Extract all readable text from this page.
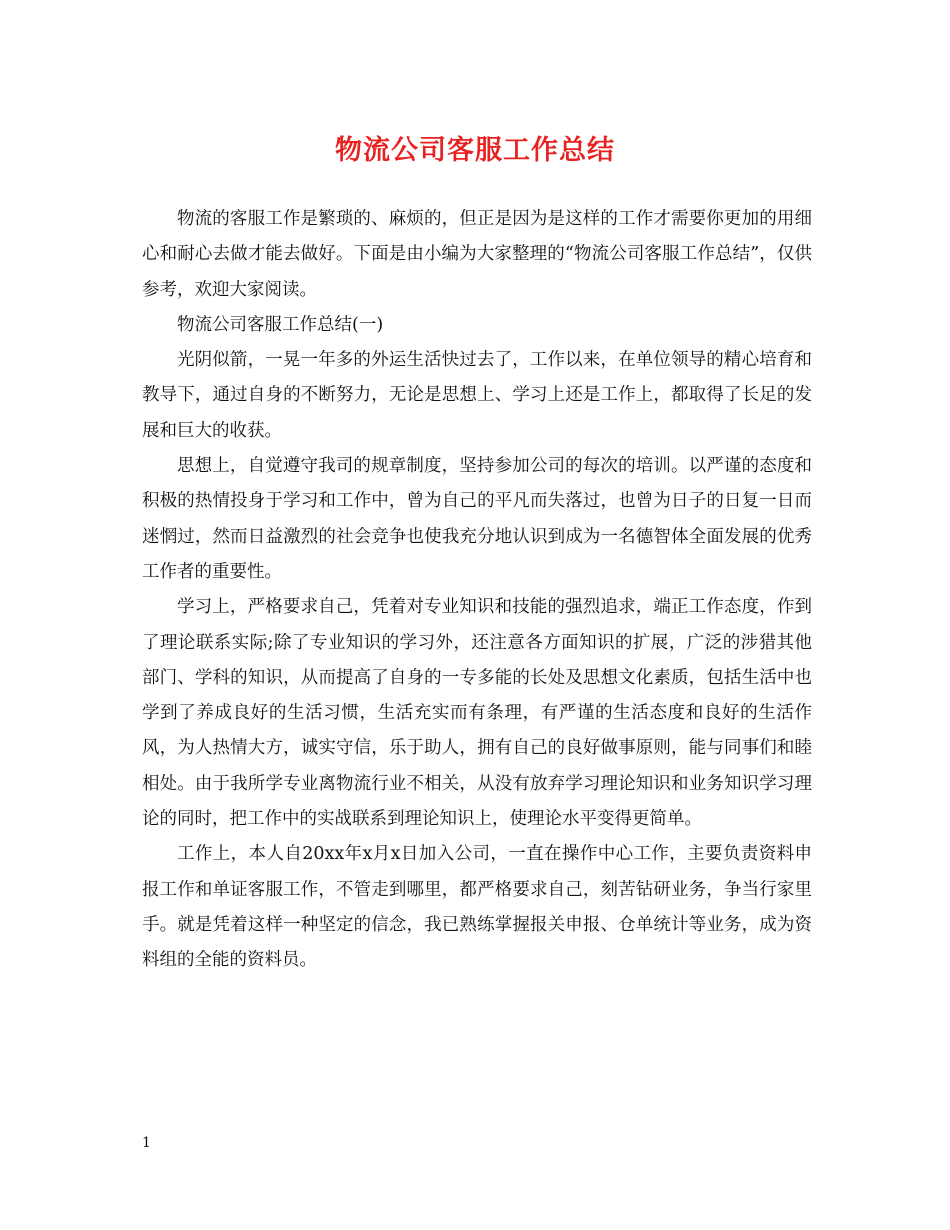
物流公司客服工作总结

物流的客服工作是繁琐的、麻烦的，但正是因为是这样的工作才需要你更加的用细心和耐心去做才能去做好。下面是由小编为大家整理的“物流公司客服工作总结”，仅供参考，欢迎大家阅读。

物流公司客服工作总结(一)

光阴似箭，一晃一年多的外运生活快过去了，工作以来，在单位领导的精心培育和教导下，通过自身的不断努力，无论是思想上、学习上还是工作上，都取得了长足的发展和巨大的收获。

思想上，自觉遵守我司的规章制度，坚持参加公司的每次的培训。以严谨的态度和积极的热情投身于学习和工作中，曾为自己的平凡而失落过，也曾为日子的日复一日而迷惘过，然而日益激烈的社会竞争也使我充分地认识到成为一名德智体全面发展的优秀工作者的重要性。

学习上，严格要求自己，凭着对专业知识和技能的强烈追求，端正工作态度，作到了理论联系实际;除了专业知识的学习外，还注意各方面知识的扩展，广泛的涉猎其他部门、学科的知识，从而提高了自身的一专多能的长处及思想文化素质，包括生活中也学到了养成良好的生活习惯，生活充实而有条理，有严谨的生活态度和良好的生活作风，为人热情大方，诚实守信，乐于助人，拥有自己的良好做事原则，能与同事们和睦相处。由于我所学专业离物流行业不相关，从没有放弃学习理论知识和业务知识学习理论的同时，把工作中的实战联系到理论知识上，使理论水平变得更简单。

工作上，本人自20xx年x月x日加入公司，一直在操作中心工作，主要负责资料申报工作和单证客服工作，不管走到哪里，都严格要求自己，刻苦钻研业务，争当行家里手。就是凭着这样一种坚定的信念，我已熟练掌握报关申报、仓单统计等业务，成为资料组的全能的资料员。

1
